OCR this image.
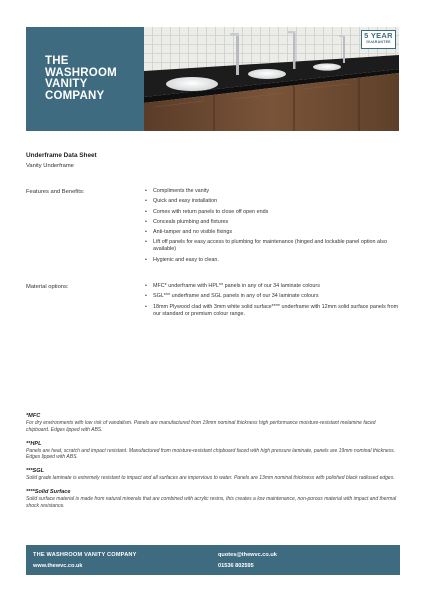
THE
WASHROOM
VANITY
COMPANY
5 YEAR
GUARANTEE
Underframe Data Sheet
Vanity Underframe
Features and Benefits:	• Compliments the vanity
• Quick and easy installation
• Comes with return panels to close off open ends
• Conceals plumbing and fixtures
• Anti-tamper and no visible fixings
• Lift off panels for easy access to plumbing for maintenance (hinged and lockable panel option also available)
• Hygienic and easy to clean.
Material options:	• MFC* underframe with HPL** panels in any of our 34 laminate colours
• SGL*** underframe and SGL panels in any of our 34 laminate colours
• 18mm Plywood clad with 3mm white solid surface**** underframe with 12mm solid surface panels from our standard or premium colour range.

*MFC

For dry environments with low risk of vandalism. Panels are manufactured from 19mm nominal thickness high performance moisture-resistant melamine faced chipboard. Edges lipped with ABS.

**HPL

Panels are heat, scratch and impact resistant. Manufactured from moisture-resistant chipboard faced with high pressure laminate, panels are 19mm nominal thickness. Edges lipped with ABS.

***SGL

Solid grade laminate is extremely resistant to impact and all surfaces are impervious to water. Panels are 13mm nominal thickness with polished black radiused edges.

****Solid Surface

Solid surface material is made from natural minerals that are combined with acrylic resins, this creates a low maintenance, non-porous material with impact and thermal shock resistance.

THE WASHROOM VANITY COMPANY
www.thewvc.co.uk
quotes@thewvc.co.uk
01536 802595
